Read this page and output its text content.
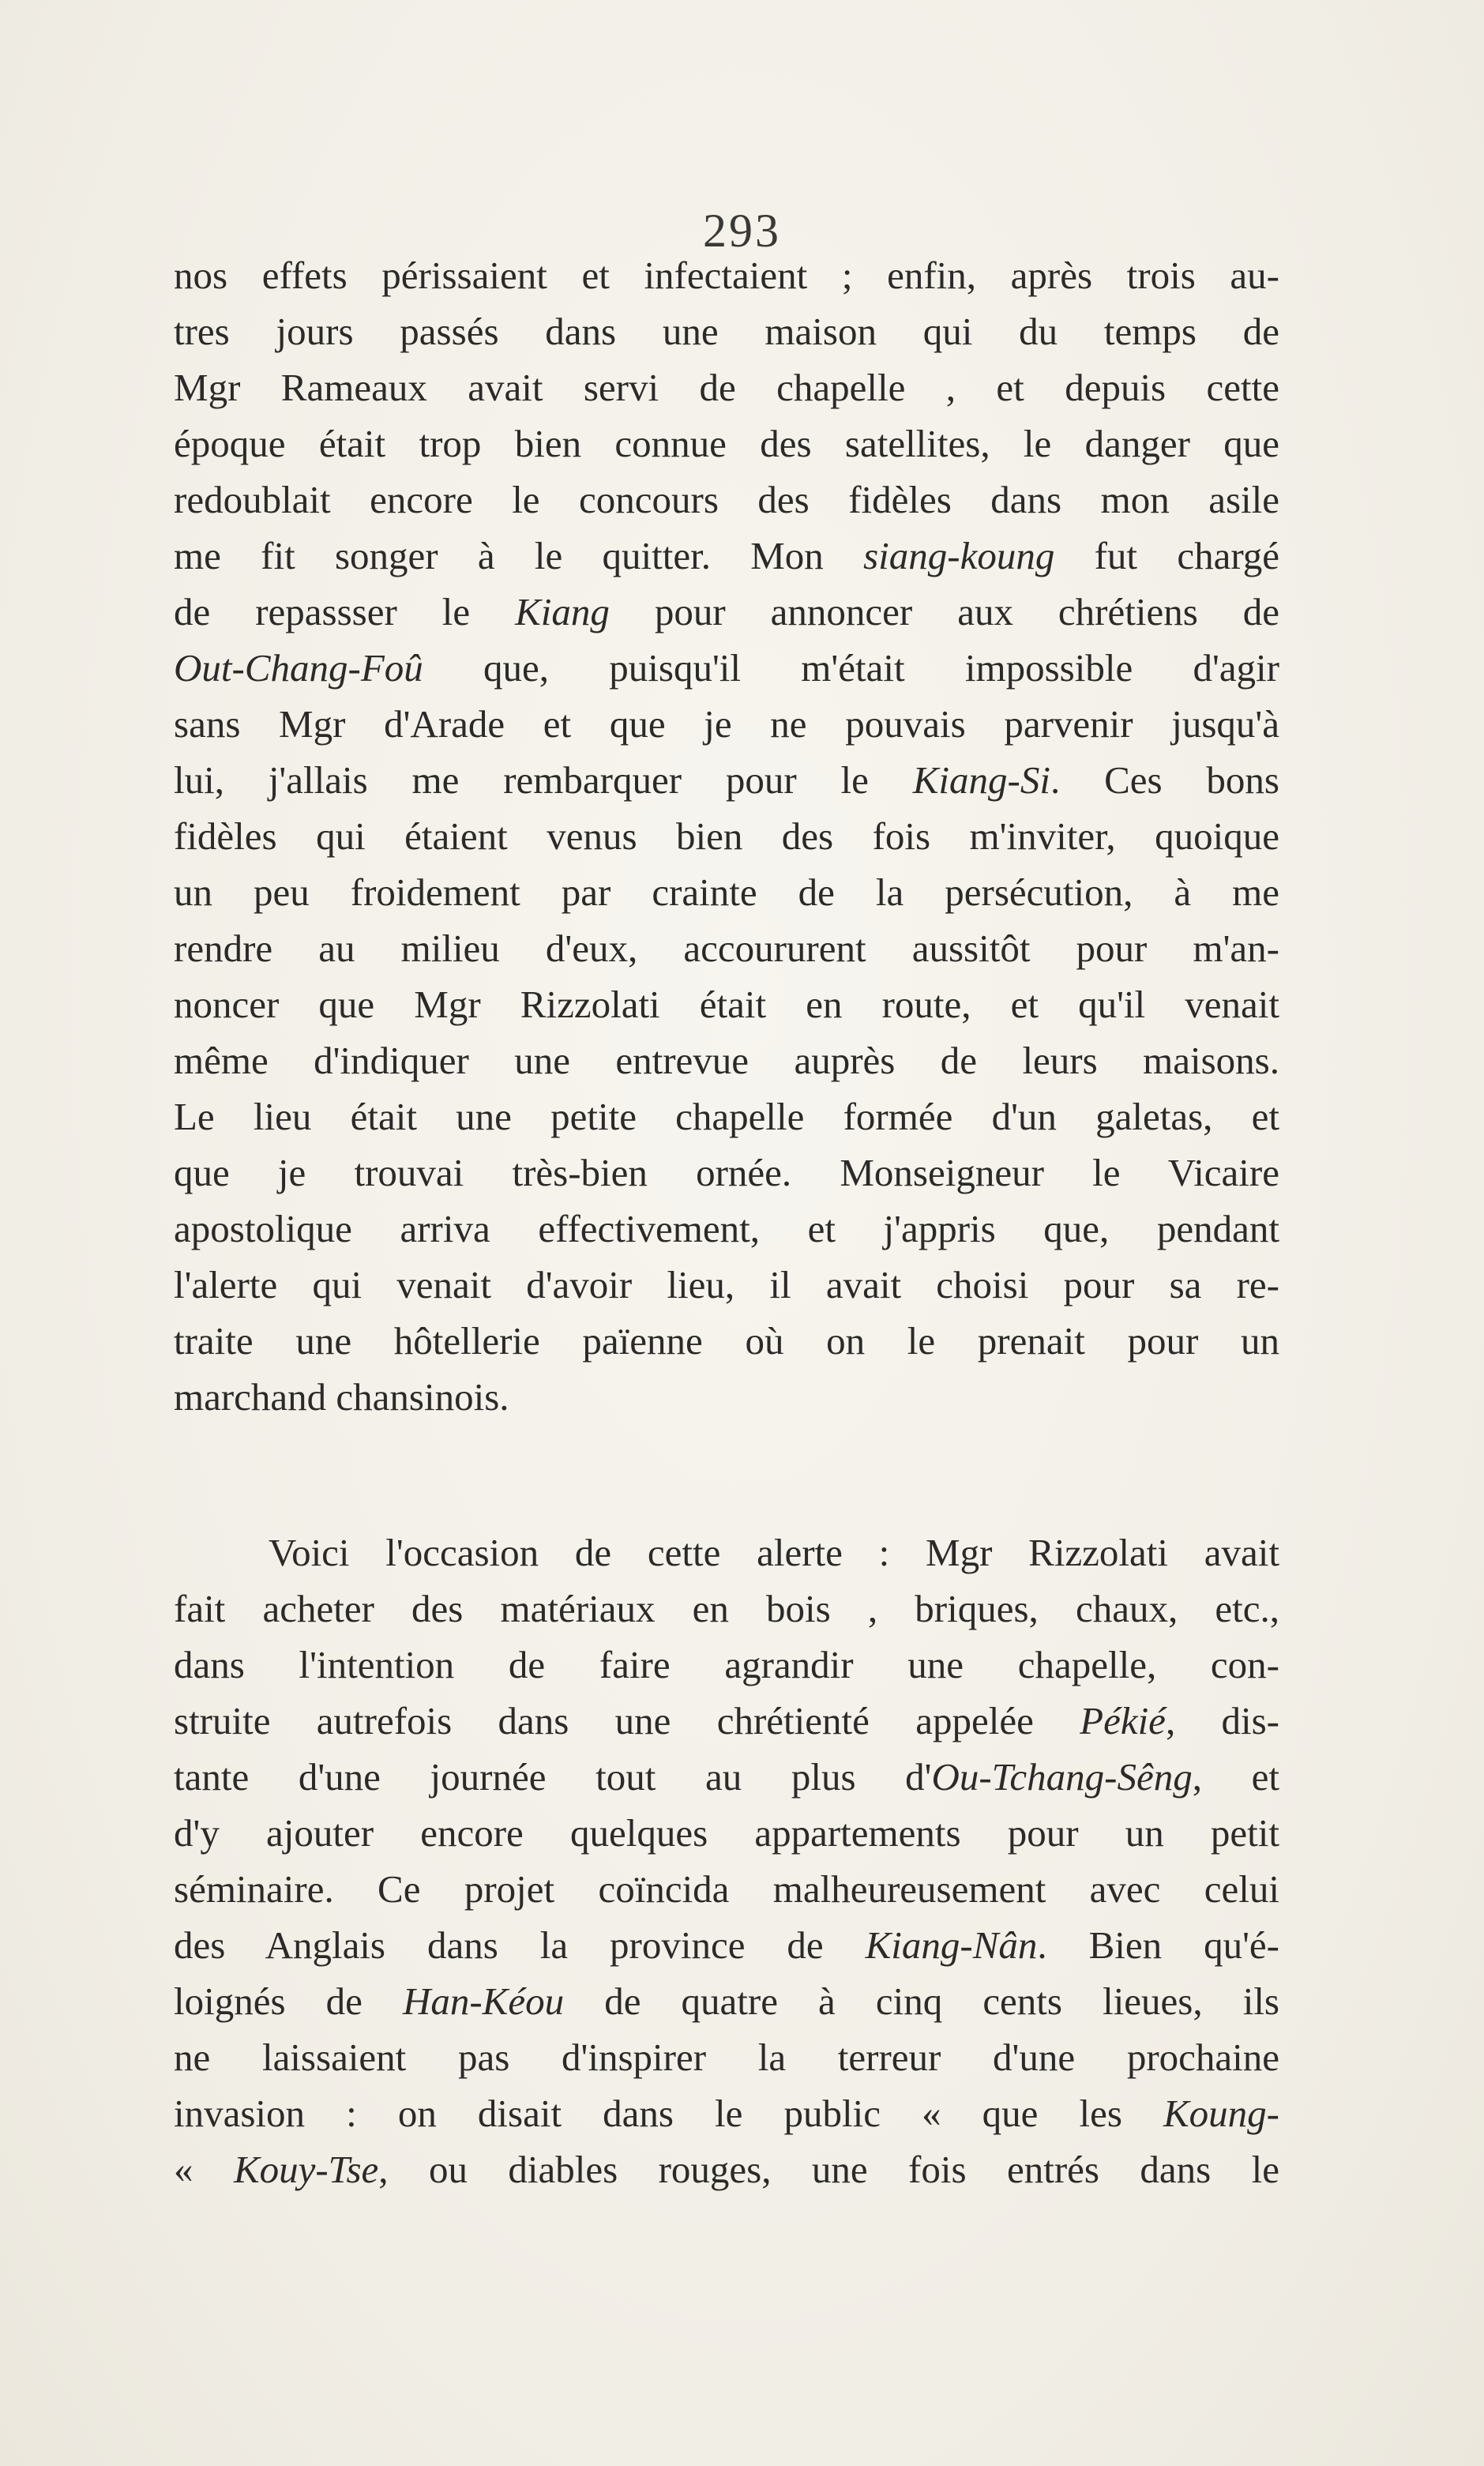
293
nos effets périssaient et infectaient ; enfin, après trois au-
tres jours passés dans une maison qui du temps de
Mgr Rameaux avait servi de chapelle , et depuis cette
époque était trop bien connue des satellites, le danger que
redoublait encore le concours des fidèles dans mon asile
me fit songer à le quitter. Mon siang-koung fut chargé
de repassser le Kiang pour annoncer aux chrétiens de
Out-Chang-Foû que, puisqu'il m'était impossible d'agir
sans Mgr d'Arade et que je ne pouvais parvenir jusqu'à
lui, j'allais me rembarquer pour le Kiang-Si. Ces bons
fidèles qui étaient venus bien des fois m'inviter, quoique
un peu froidement par crainte de la persécution, à me
rendre au milieu d'eux, accoururent aussitôt pour m'an-
noncer que Mgr Rizzolati était en route, et qu'il venait
même d'indiquer une entrevue auprès de leurs maisons.
Le lieu était une petite chapelle formée d'un galetas, et
que je trouvai très-bien ornée. Monseigneur le Vicaire
apostolique arriva effectivement, et j'appris que, pendant
l'alerte qui venait d'avoir lieu, il avait choisi pour sa re-
traite une hôtellerie païenne où on le prenait pour un
marchand chansinois.
Voici l'occasion de cette alerte : Mgr Rizzolati avait
fait acheter des matériaux en bois , briques, chaux, etc.,
dans l'intention de faire agrandir une chapelle, con-
struite autrefois dans une chrétienté appelée Pékié, dis-
tante d'une journée tout au plus d'Ou-Tchang-Sêng, et
d'y ajouter encore quelques appartements pour un petit
séminaire. Ce projet coïncida malheureusement avec celui
des Anglais dans la province de Kiang-Nân. Bien qu'é-
loignés de Han-Kéou de quatre à cinq cents lieues, ils
ne laissaient pas d'inspirer la terreur d'une prochaine
invasion : on disait dans le public « que les Koung-
« Kouy-Tse, ou diables rouges, une fois entrés dans le
